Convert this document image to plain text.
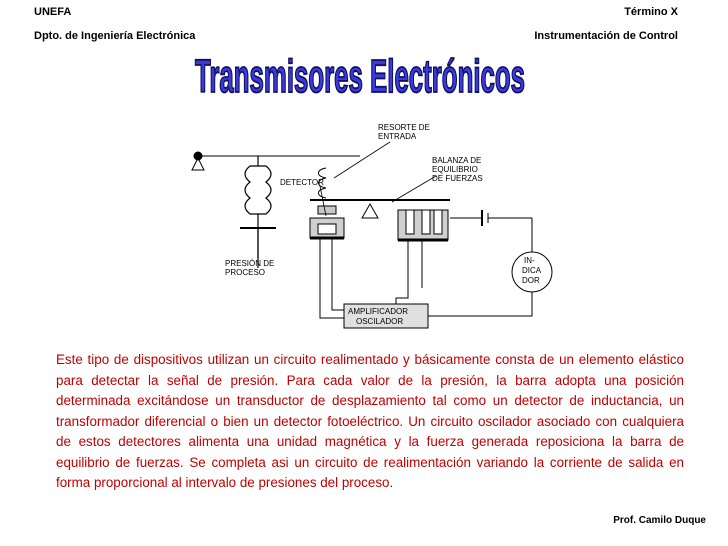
UNEFA	Término X
Dpto. de Ingeniería Electrónica	Instrumentación de Control
Transmisores Electrónicos
PRESIÓN DE
PROCESO
DETECTOR
RESORTE DE
ENTRADA
BALANZA DE
EQUILIBRIO
DE FUERZAS
IN-
DICA
DOR
AMPLIFICADOR
OSCILADOR

Este tipo de dispositivos utilizan un circuito realimentado y básicamente consta de un elemento elástico para detectar la señal de presión. Para cada valor de la presión, la barra adopta una posición determinada excitándose un transductor de desplazamiento tal como un detector de inductancia, un transformador diferencial o bien un detector fotoeléctrico. Un circuito oscilador asociado con cualquiera de estos detectores alimenta una unidad magnética y la fuerza generada reposiciona la barra de equilibrio de fuerzas. Se completa asi un circuito de realimentación variando la corriente de salida en forma proporcional al intervalo de presiones del proceso.

Prof. Camilo Duque
